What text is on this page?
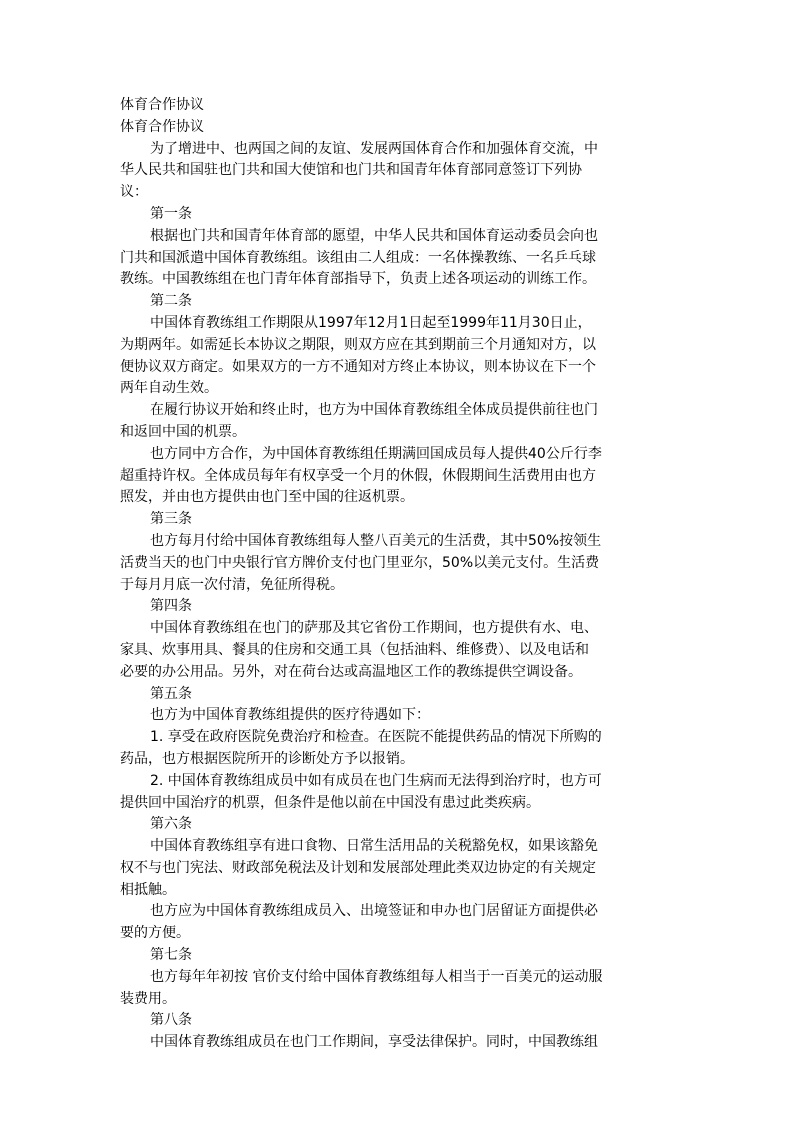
体育合作协议
体育合作协议
为了增进中、也两国之间的友谊、发展两国体育合作和加强体育交流，中
华人民共和国驻也门共和国大使馆和也门共和国青年体育部同意签订下列协
议：
第一条
根据也门共和国青年体育部的愿望，中华人民共和国体育运动委员会向也
门共和国派遣中国体育教练组。该组由二人组成：一名体操教练、一名乒乓球
教练。中国教练组在也门青年体育部指导下，负责上述各项运动的训练工作。
第二条
中国体育教练组工作期限从1997年12月1日起至1999年11月30日止，
为期两年。如需延长本协议之期限，则双方应在其到期前三个月通知对方，以
便协议双方商定。如果双方的一方不通知对方终止本协议，则本协议在下一个
两年自动生效。
在履行协议开始和终止时，也方为中国体育教练组全体成员提供前往也门
和返回中国的机票。
也方同中方合作，为中国体育教练组任期满回国成员每人提供40公斤行李
超重持许权。全体成员每年有权享受一个月的休假，休假期间生活费用由也方
照发，并由也方提供由也门至中国的往返机票。
第三条
也方每月付给中国体育教练组每人整八百美元的生活费，其中50%按领生
活费当天的也门中央银行官方牌价支付也门里亚尔，50%以美元支付。生活费
于每月月底一次付清，免征所得税。
第四条
中国体育教练组在也门的萨那及其它省份工作期间，也方提供有水、电、
家具、炊事用具、餐具的住房和交通工具（包括油料、维修费）、以及电话和
必要的办公用品。另外，对在荷台达或高温地区工作的教练提供空调设备。
第五条
也方为中国体育教练组提供的医疗待遇如下：
1. 享受在政府医院免费治疗和检查。在医院不能提供药品的情况下所购的
药品，也方根据医院所开的诊断处方予以报销。
2. 中国体育教练组成员中如有成员在也门生病而无法得到治疗时，也方可
提供回中国治疗的机票，但条件是他以前在中国没有患过此类疾病。
第六条
中国体育教练组享有进口食物、日常生活用品的关税豁免权，如果该豁免
权不与也门宪法、财政部免税法及计划和发展部处理此类双边协定的有关规定
相抵触。
也方应为中国体育教练组成员入、出境签证和申办也门居留证方面提供必
要的方便。
第七条
也方每年年初按 官价支付给中国体育教练组每人相当于一百美元的运动服
装费用。
第八条
中国体育教练组成员在也门工作期间，享受法律保护。同时，中国教练组
